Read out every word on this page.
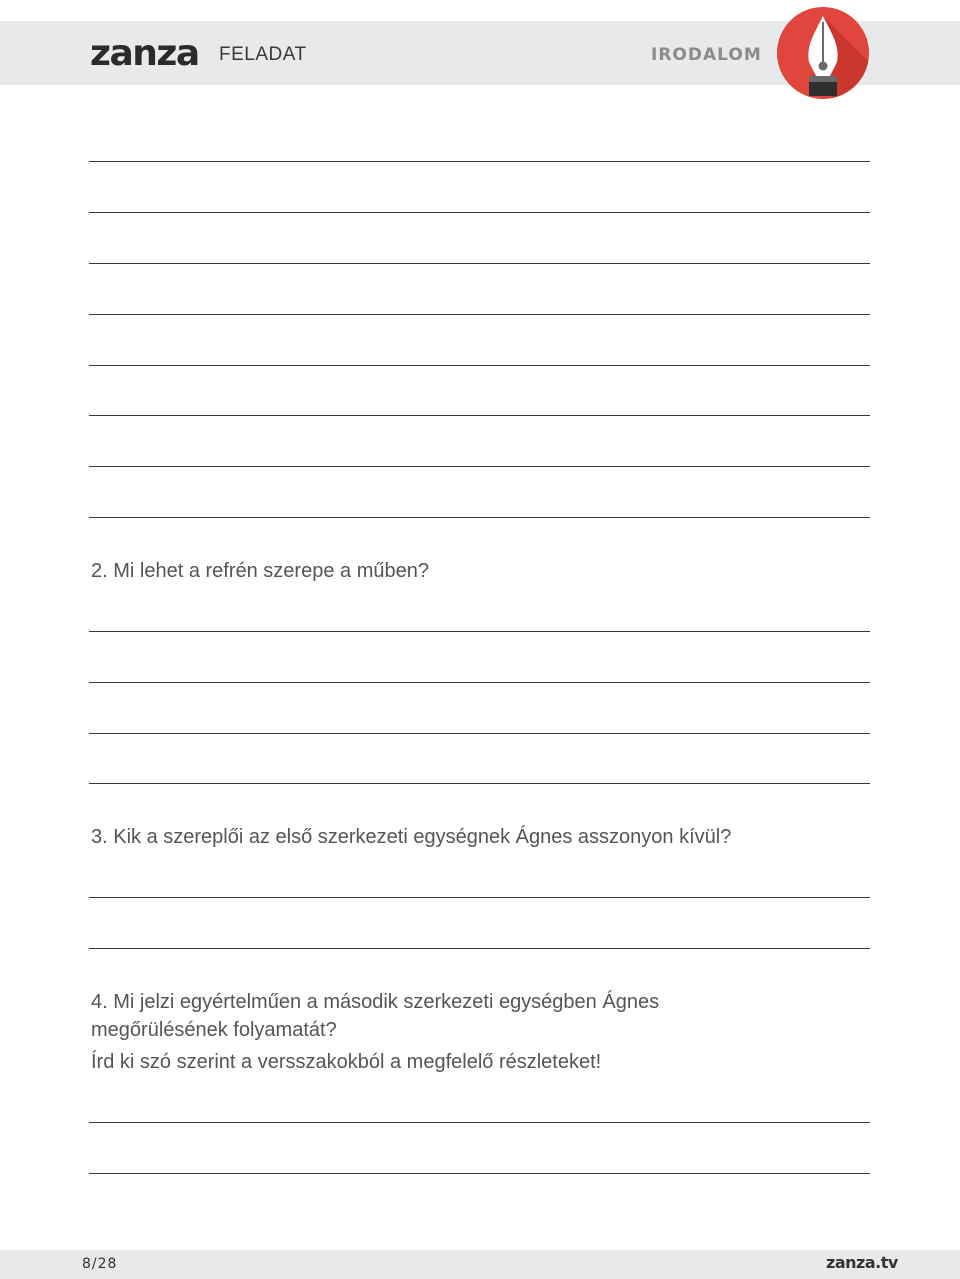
zanza FELADAT	IRODALOM
2. Mi lehet a refrén szerepe a műben?
3. Kik a szereplői az első szerkezeti egységnek Ágnes asszonyon kívül?
4. Mi jelzi egyértelműen a második szerkezeti egységben Ágnes
megőrülésének folyamatát?
Írd ki szó szerint a versszakokból a megfelelő részleteket!
8/28	zanza.tv
